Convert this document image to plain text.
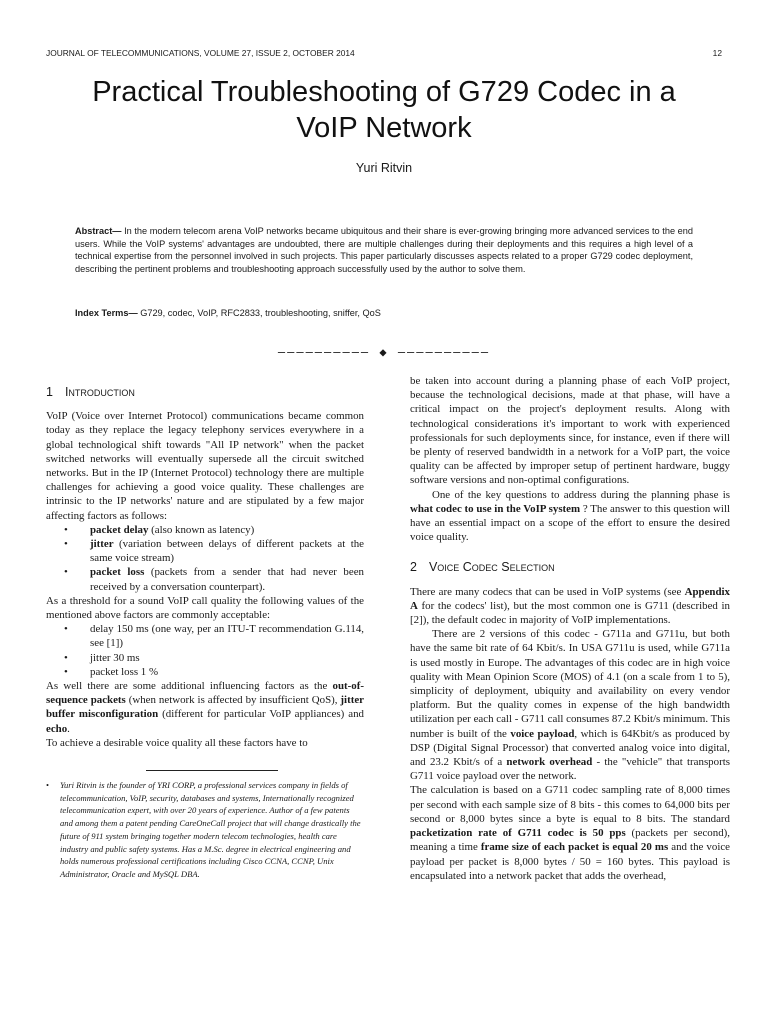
JOURNAL OF TELECOMMUNICATIONS, VOLUME 27, ISSUE 2, OCTOBER 2014	12
Practical Troubleshooting of G729 Codec in a
VoIP Network
Yuri Ritvin
Abstract— In the modern telecom arena VoIP networks became ubiquitous and their share is ever-growing bringing more advanced services to the end users. While the VoIP systems' advantages are undoubted, there are multiple challenges during their deployments and this requires a high level of a technical expertise from the personnel involved in such projects. This paper particularly discusses aspects related to a proper G729 codec deployment, describing the pertinent problems and troubleshooting approach successfully used by the author to solve them.
Index Terms— G729, codec, VoIP, RFC2833, troubleshooting, sniffer, QoS
—————————— ◆ ——————————
1 Introduction

VoIP (Voice over Internet Protocol) communications became common today as they replace the legacy telephony services everywhere in a global technological shift towards "All IP network" when the packet switched networks will eventually supersede all the circuit switched networks. But in the IP (Internet Protocol) technology there are multiple challenges for achieving a good voice quality. These challenges are intrinsic to the IP networks' nature and are stipulated by a few major affecting factors as follows:

• packet delay (also known as latency)
• jitter (variation between delays of different packets at the same voice stream)
• packet loss (packets from a sender that had never been received by a conversation counterpart).

As a threshold for a sound VoIP call quality the following values of the mentioned above factors are commonly acceptable:

• delay 150 ms (one way, per an ITU-T recommendation G.114, see [1])
• jitter 30 ms
• packet loss 1 %

As well there are some additional influencing factors as the out-of-sequence packets (when network is affected by insufficient QoS), jitter buffer misconfiguration (different for particular VoIP appliances) and echo.

To achieve a desirable voice quality all these factors have to

• Yuri Ritvin is the founder of YRI CORP, a professional services company in fields of telecommunication, VoIP, security, databases and systems, Internationally recognized telecommunication expert, with over 20 years of experience. Author of a few patents and among them a patent pending CareOneCall project that will change drastically the future of 911 system bringing together modern telecom technologies, health care industry and public safety systems. Has a M.Sc. degree in electrical engineering and holds numerous professional certifications including Cisco CCNA, CCNP, Unix Administrator, Oracle and MySQL DBA.

be taken into account during a planning phase of each VoIP project, because the technological decisions, made at that phase, will have a critical impact on the project's deployment results. Along with technological considerations it's important to work with experienced professionals for such deployments since, for instance, even if there will be plenty of reserved bandwidth in a network for a VoIP part, the voice quality can be affected by improper setup of pertinent hardware, buggy software versions and non-optimal configurations.

One of the key questions to address during the planning phase is what codec to use in the VoIP system ? The answer to this question will have an essential impact on a scope of the effort to ensure the desired voice quality.

2 Voice Codec Selection

There are many codecs that can be used in VoIP systems (see Appendix A for the codecs' list), but the most common one is G711 (described in [2]), the default codec in majority of VoIP implementations.

There are 2 versions of this codec - G711a and G711u, but both have the same bit rate of 64 Kbit/s. In USA G711u is used, while G711a is used mostly in Europe. The advantages of this codec are in high voice quality with Mean Opinion Score (MOS) of 4.1 (on a scale from 1 to 5), simplicity of deployment, ubiquity and availability on every vendor platform. But the quality comes in expense of the high bandwidth utilization per each call - G711 call consumes 87.2 Kbit/s minimum. This number is built of the voice payload, which is 64Kbit/s as produced by DSP (Digital Signal Processor) that converted analog voice into digital, and 23.2 Kbit/s of a network overhead - the "vehicle" that transports G711 voice payload over the network.

The calculation is based on a G711 codec sampling rate of 8,000 times per second with each sample size of 8 bits - this comes to 64,000 bits per second or 8,000 bytes since a byte is equal to 8 bits. The standard packetization rate of G711 codec is 50 pps (packets per second), meaning a time frame size of each packet is equal 20 ms and the voice payload per packet is 8,000 bytes / 50 = 160 bytes. This payload is encapsulated into a network packet that adds the overhead,
